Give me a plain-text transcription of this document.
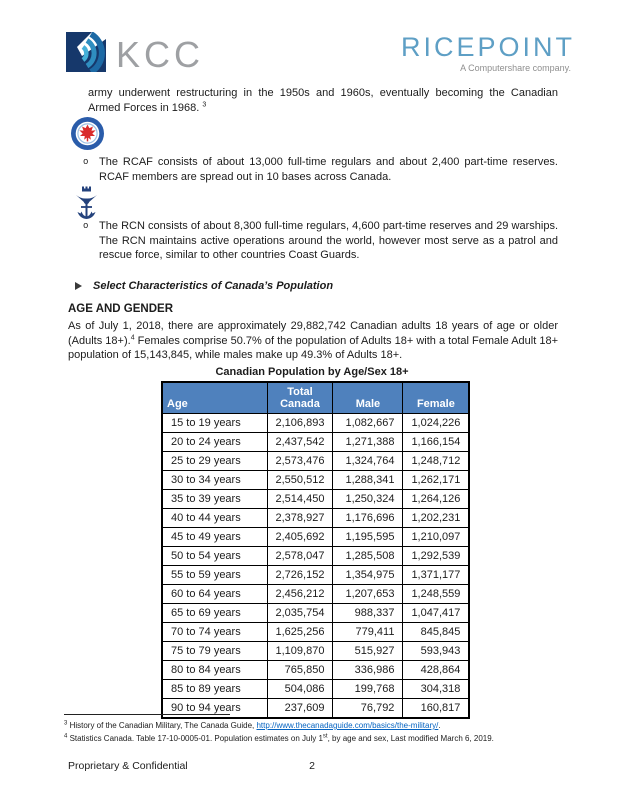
KCC	RICEPOINT
A Computershare company.

army underwent restructuring in the 1950s and 1960s, eventually becoming the Canadian Armed Forces in 1968. $^3$

o The RCAF consists of about 13,000 full-time regulars and about 2,400 part-time reserves. RCAF members are spread out in 10 bases across Canada.
o The RCN consists of about 8,300 full-time regulars, 4,600 part-time reserves and 29 warships. The RCN maintains active operations around the world, however most serve as a patrol and rescue force, similar to other countries Coast Guards.
Select Characteristics of Canada’s Population
AGE AND GENDER

As of July 1, 2018, there are approximately 29,882,742 Canadian adults 18 years of age or older (Adults 18+).$^4$ Females comprise 50.7% of the population of Adults 18+ with a total Female Adult 18+ population of 15,143,845, while males make up 49.3% of Adults 18+.

Canadian Population by Age/Sex 18+
Age	Total Canada	Male	Female
15 to 19 years	2,106,893	1,082,667	1,024,226
20 to 24 years	2,437,542	1,271,388	1,166,154
25 to 29 years	2,573,476	1,324,764	1,248,712
30 to 34 years	2,550,512	1,288,341	1,262,171
35 to 39 years	2,514,450	1,250,324	1,264,126
40 to 44 years	2,378,927	1,176,696	1,202,231
45 to 49 years	2,405,692	1,195,595	1,210,097
50 to 54 years	2,578,047	1,285,508	1,292,539
55 to 59 years	2,726,152	1,354,975	1,371,177
60 to 64 years	2,456,212	1,207,653	1,248,559
65 to 69 years	2,035,754	988,337	1,047,417
70 to 74 years	1,625,256	779,411	845,845
75 to 79 years	1,109,870	515,927	593,943
80 to 84 years	765,850	336,986	428,864
85 to 89 years	504,086	199,768	304,318
90 to 94 years	237,609	76,792	160,817
$^3$ History of the Canadian Military, The Canada Guide, http://www.thecanadaguide.com/basics/the-military/.
$^4$ Statistics Canada. Table 17-10-0005-01. Population estimates on July 1st, by age and sex, Last modified March 6, 2019.
Proprietary & Confidential	2
